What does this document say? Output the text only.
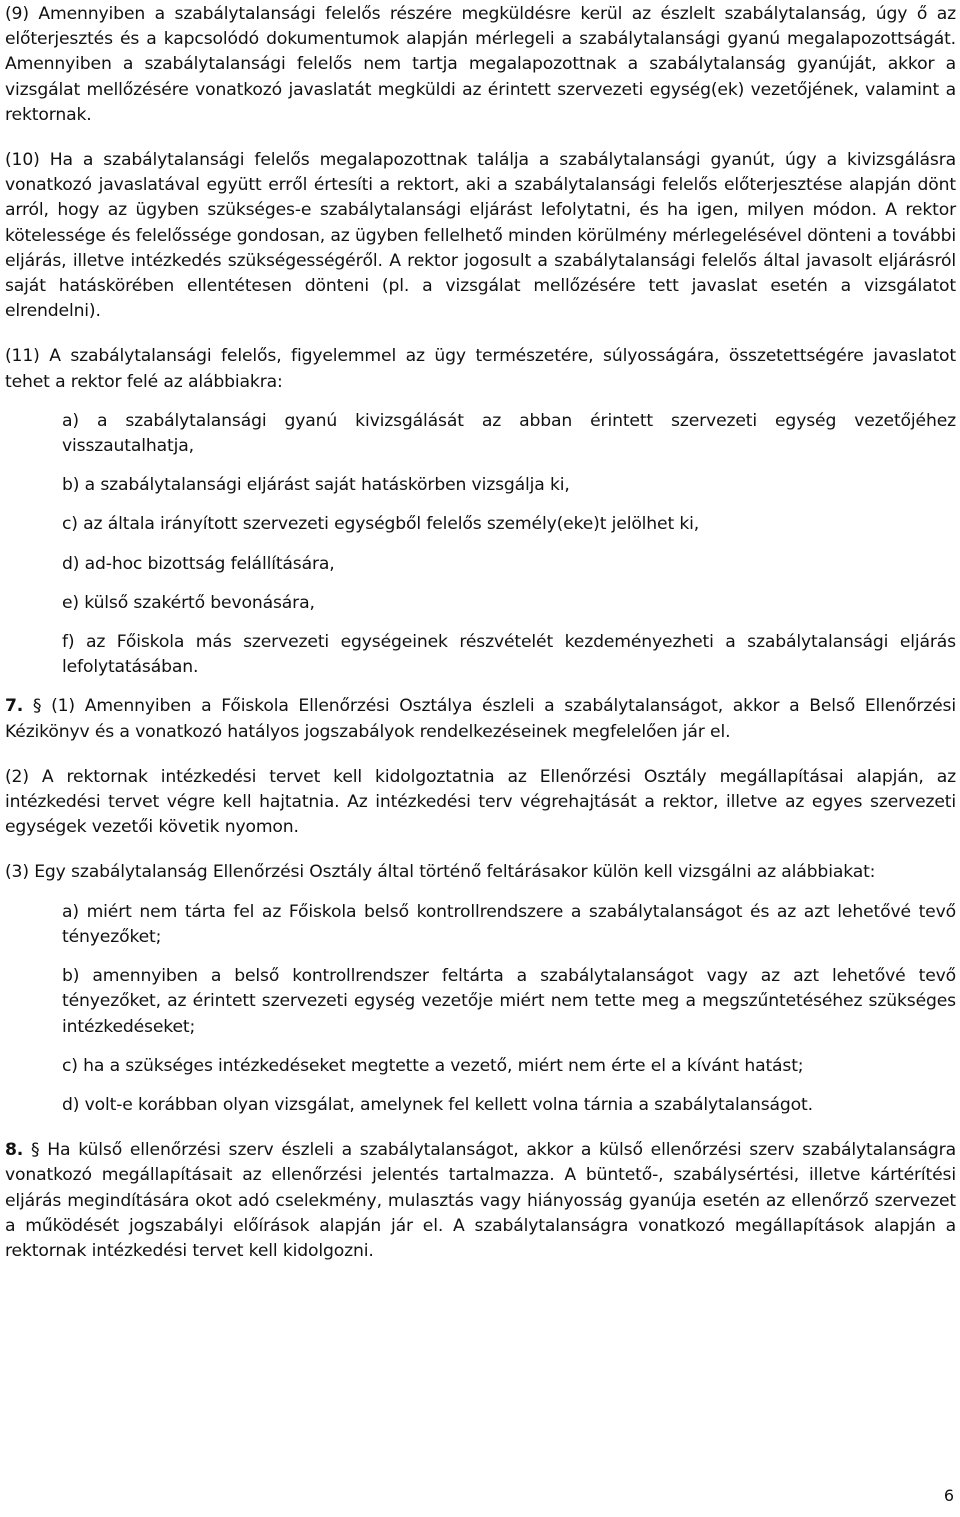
(9) Amennyiben a szabálytalansági felelős részére megküldésre kerül az észlelt szabálytalanság, úgy ő az előterjesztés és a kapcsolódó dokumentumok alapján mérlegeli a szabálytalansági gyanú megalapozottságát. Amennyiben a szabálytalansági felelős nem tartja megalapozottnak a szabálytalanság gyanúját, akkor a vizsgálat mellőzésére vonatkozó javaslatát megküldi az érintett szervezeti egység(ek) vezetőjének, valamint a rektornak.

(10) Ha a szabálytalansági felelős megalapozottnak találja a szabálytalansági gyanút, úgy a kivizsgálásra vonatkozó javaslatával együtt erről értesíti a rektort, aki a szabálytalansági felelős előterjesztése alapján dönt arról, hogy az ügyben szükséges-e szabálytalansági eljárást lefolytatni, és ha igen, milyen módon. A rektor kötelessége és felelőssége gondosan, az ügyben fellelhető minden körülmény mérlegelésével dönteni a további eljárás, illetve intézkedés szükségességéről. A rektor jogosult a szabálytalansági felelős által javasolt eljárásról saját hatáskörében ellentétesen dönteni (pl. a vizsgálat mellőzésére tett javaslat esetén a vizsgálatot elrendelni).

(11) A szabálytalansági felelős, figyelemmel az ügy természetére, súlyosságára, összetettségére javaslatot tehet a rektor felé az alábbiakra:

a) a szabálytalansági gyanú kivizsgálását az abban érintett szervezeti egység vezetőjéhez visszautalhatja,

b) a szabálytalansági eljárást saját hatáskörben vizsgálja ki,

c) az általa irányított szervezeti egységből felelős személy(eke)t jelölhet ki,

d) ad-hoc bizottság felállítására,

e) külső szakértő bevonására,

f) az Főiskola más szervezeti egységeinek részvételét kezdeményezheti a szabálytalansági eljárás lefolytatásában.

7. § (1) Amennyiben a Főiskola Ellenőrzési Osztálya észleli a szabálytalanságot, akkor a Belső Ellenőrzési Kézikönyv és a vonatkozó hatályos jogszabályok rendelkezéseinek megfelelően jár el.

(2) A rektornak intézkedési tervet kell kidolgoztatnia az Ellenőrzési Osztály megállapításai alapján, az intézkedési tervet végre kell hajtatnia. Az intézkedési terv végrehajtását a rektor, illetve az egyes szervezeti egységek vezetői követik nyomon.

(3) Egy szabálytalanság Ellenőrzési Osztály által történő feltárásakor külön kell vizsgálni az alábbiakat:

a) miért nem tárta fel az Főiskola belső kontrollrendszere a szabálytalanságot és az azt lehetővé tevő tényezőket;

b) amennyiben a belső kontrollrendszer feltárta a szabálytalanságot vagy az azt lehetővé tevő tényezőket, az érintett szervezeti egység vezetője miért nem tette meg a megszűntetéséhez szükséges intézkedéseket;

c) ha a szükséges intézkedéseket megtette a vezető, miért nem érte el a kívánt hatást;

d) volt-e korábban olyan vizsgálat, amelynek fel kellett volna tárnia a szabálytalanságot.

8. § Ha külső ellenőrzési szerv észleli a szabálytalanságot, akkor a külső ellenőrzési szerv szabálytalanságra vonatkozó megállapításait az ellenőrzési jelentés tartalmazza. A büntető-, szabálysértési, illetve kártérítési eljárás megindítására okot adó cselekmény, mulasztás vagy hiányosság gyanúja esetén az ellenőrző szervezet a működését jogszabályi előírások alapján jár el. A szabálytalanságra vonatkozó megállapítások alapján a rektornak intézkedési tervet kell kidolgozni.

6
